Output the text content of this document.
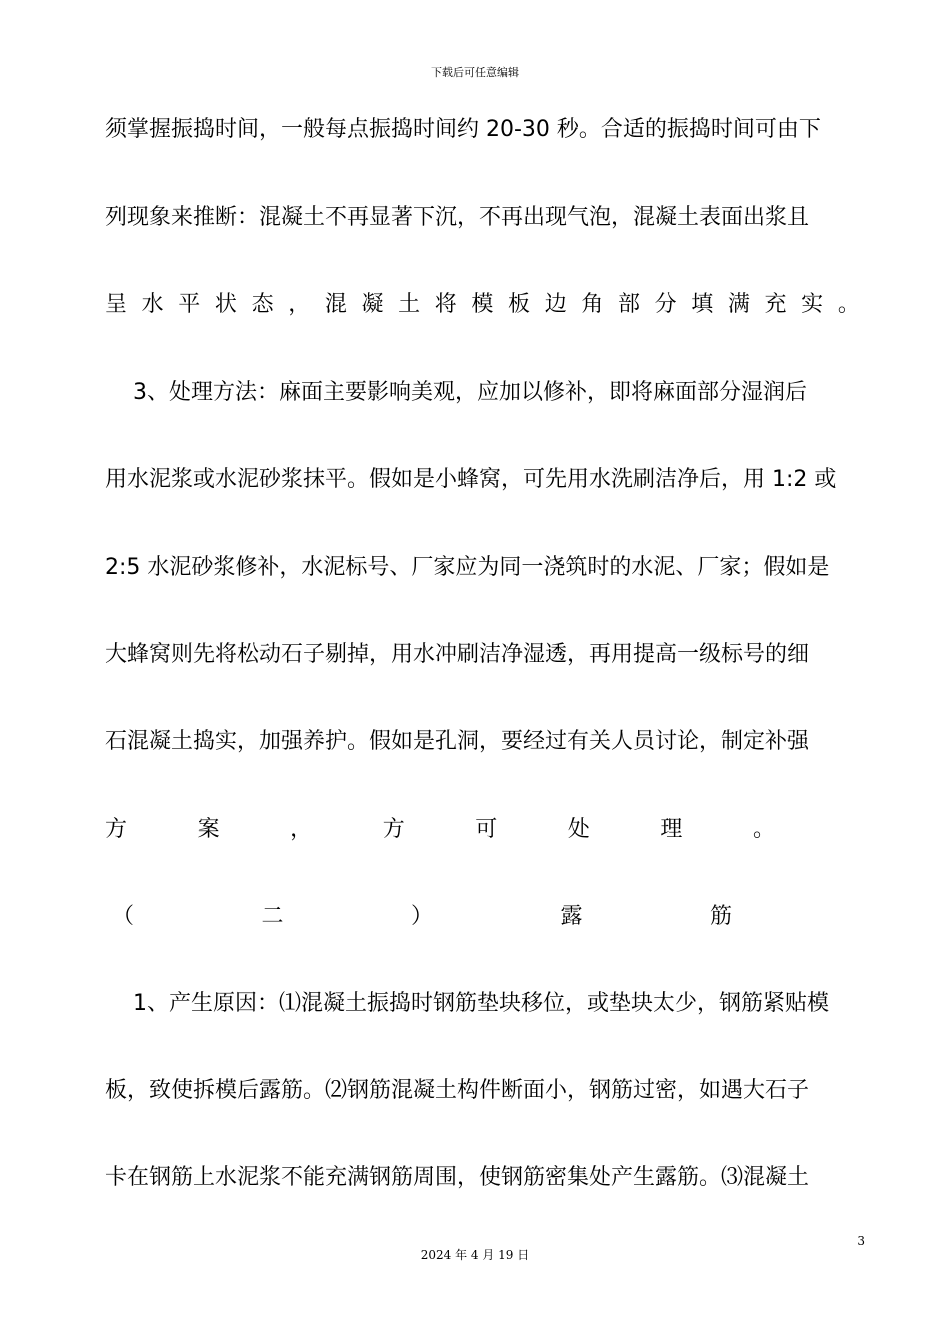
下载后可任意编辑
须掌握振捣时间，一般每点振捣时间约 20-30 秒。合适的振捣时间可由下
列现象来推断：混凝土不再显著下沉，不再出现气泡，混凝土表面出浆且
呈 水 平 状 态 ， 混 凝 土 将 模 板 边 角 部 分 填 满 充 实 。
3、处理方法：麻面主要影响美观，应加以修补，即将麻面部分湿润后
用水泥浆或水泥砂浆抹平。假如是小蜂窝，可先用水洗刷洁净后，用 1:2 或
2:5 水泥砂浆修补，水泥标号、厂家应为同一浇筑时的水泥、厂家；假如是
大蜂窝则先将松动石子剔掉，用水冲刷洁净湿透，再用提高一级标号的细
石混凝土捣实，加强养护。假如是孔洞，要经过有关人员讨论，制定补强
方	案	，	方	可	处	理	。
（	二	）	露	筋
1、产生原因：⑴混凝土振捣时钢筋垫块移位，或垫块太少，钢筋紧贴模
板，致使拆模后露筋。⑵钢筋混凝土构件断面小，钢筋过密，如遇大石子
卡在钢筋上水泥浆不能充满钢筋周围，使钢筋密集处产生露筋。⑶混凝土
3
2024 年 4 月 19 日
